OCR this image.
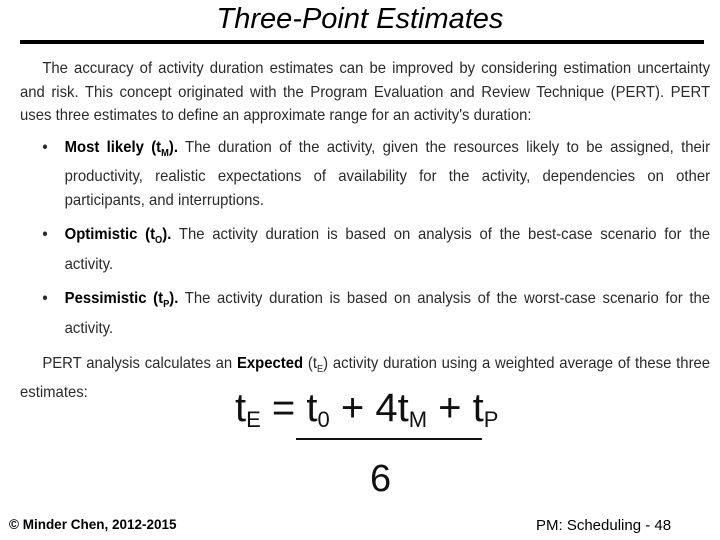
Three-Point Estimates

The accuracy of activity duration estimates can be improved by considering estimation uncertainty and risk. This concept originated with the Program Evaluation and Review Technique (PERT). PERT uses three estimates to define an approximate range for an activity's duration:

• Most likely $(t_M)$. The duration of the activity, given the resources likely to be assigned, their productivity, realistic expectations of availability for the activity, dependencies on other participants, and interruptions.
• Optimistic $(t_O)$. The activity duration is based on analysis of the best-case scenario for the activity.
• Pessimistic $(t_P)$. The activity duration is based on analysis of the worst-case scenario for the activity.

PERT analysis calculates an Expected $(t_E)$ activity duration using a weighted average of these three estimates:	$t_E = t_0 + 4t_M + t_P$
6
© Minder Chen, 2012-2015	PM: Scheduling - 48
